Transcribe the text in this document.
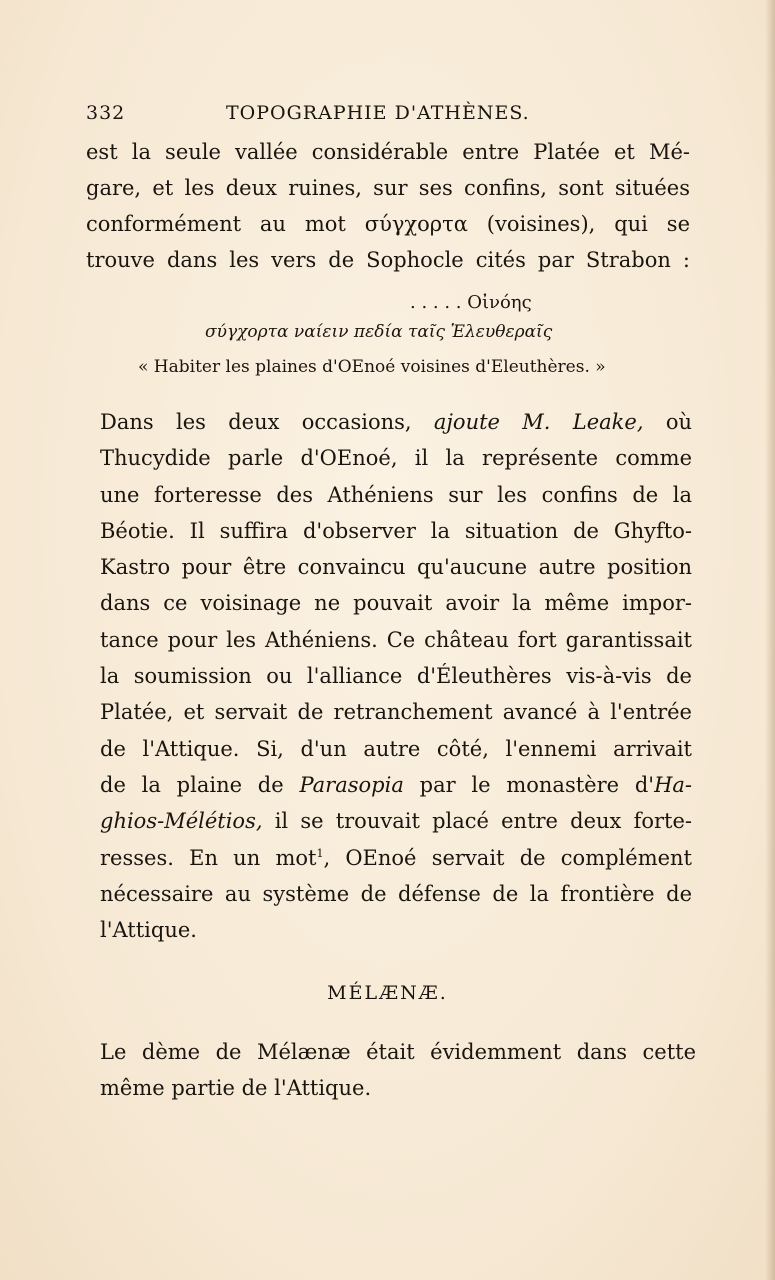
332	TOPOGRAPHIE D'ATHÈNES.
est la seule vallée considérable entre Platée et Mé-
gare, et les deux ruines, sur ses confins, sont situées
conformément au mot σύγχορτα (voisines), qui se
trouve dans les vers de Sophocle cités par Strabon :
. . . . . Οἰνόης
σύγχορτα ναίειν πεδία ταῖς Ἐλευθεραῖς
« Habiter les plaines d'OEnoé voisines d'Eleuthères. »
Dans les deux occasions, ajoute M. Leake, où
Thucydide parle d'OEnoé, il la représente comme
une forteresse des Athéniens sur les confins de la
Béotie. Il suffira d'observer la situation de Ghyfto-
Kastro pour être convaincu qu'aucune autre position
dans ce voisinage ne pouvait avoir la même impor-
tance pour les Athéniens. Ce château fort garantissait
la soumission ou l'alliance d'Éleuthères vis-à-vis de
Platée, et servait de retranchement avancé à l'entrée
de l'Attique. Si, d'un autre côté, l'ennemi arrivait
de la plaine de Parasopia par le monastère d'Ha-
ghios-Mélétios, il se trouvait placé entre deux forte-
resses. En un mot$^1$, OEnoé servait de complément
nécessaire au système de défense de la frontière de
l'Attique.
MÉLÆNÆ.
Le dème de Mélænæ était évidemment dans cette
même partie de l'Attique.
